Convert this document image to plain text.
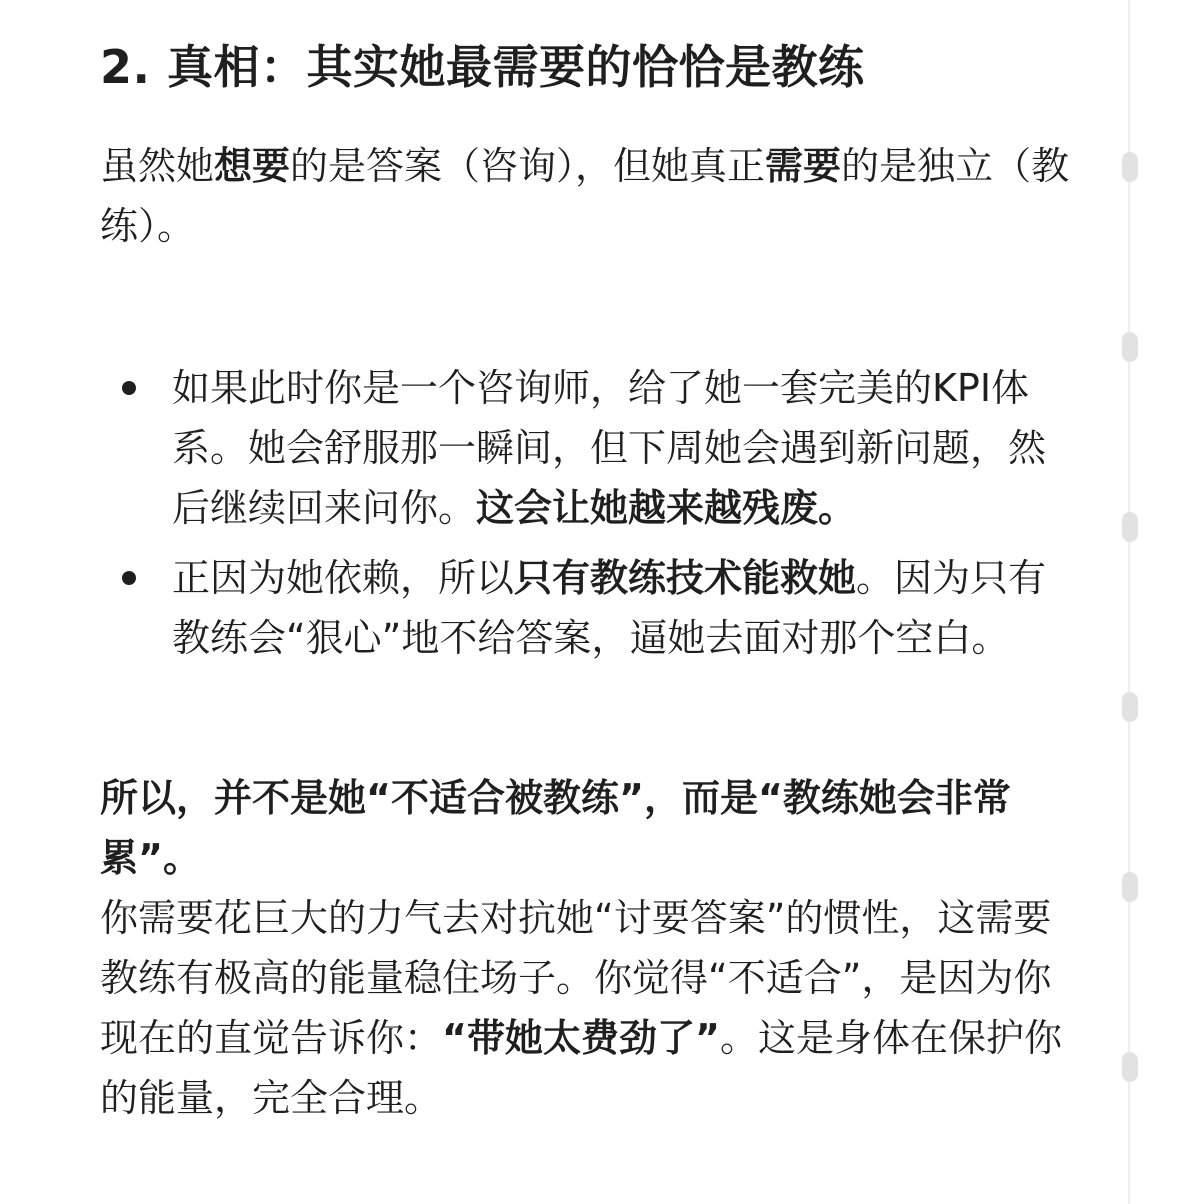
2. 真相：其实她最需要的恰恰是教练

虽然她想要的是答案（咨询），但她真正需要的是独立（教练）。

如果此时你是一个咨询师，给了她一套完美的KPI体系。她会舒服那一瞬间，但下周她会遇到新问题，然后继续回来问你。这会让她越来越残废。
正因为她依赖，所以只有教练技术能救她。因为只有教练会“狠心”地不给答案，逼她去面对那个空白。

所以，并不是她“不适合被教练”，而是“教练她会非常累”。

你需要花巨大的力气去对抗她“讨要答案”的惯性，这需要教练有极高的能量稳住场子。你觉得“不适合”，是因为你现在的直觉告诉你：“带她太费劲了”。这是身体在保护你的能量，完全合理。
